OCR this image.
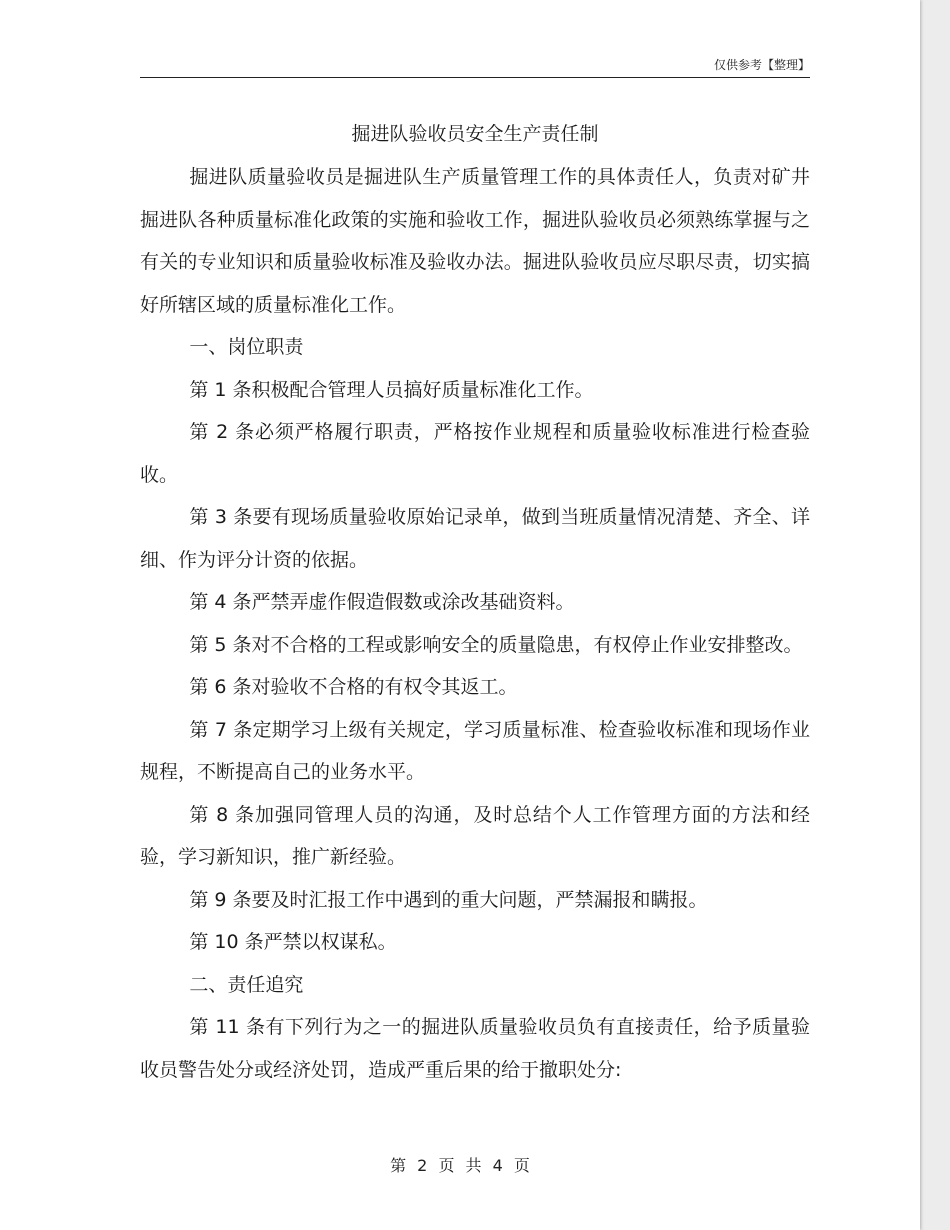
仅供参考【整理】
掘进队验收员安全生产责任制

掘进队质量验收员是掘进队生产质量管理工作的具体责任人，负责对矿井掘进队各种质量标准化政策的实施和验收工作，掘进队验收员必须熟练掌握与之有关的专业知识和质量验收标准及验收办法。掘进队验收员应尽职尽责，切实搞好所辖区域的质量标准化工作。

一、岗位职责

第 1 条积极配合管理人员搞好质量标准化工作。

第 2 条必须严格履行职责，严格按作业规程和质量验收标准进行检查验收。

第 3 条要有现场质量验收原始记录单，做到当班质量情况清楚、齐全、详细、作为评分计资的依据。

第 4 条严禁弄虚作假造假数或涂改基础资料。

第 5 条对不合格的工程或影响安全的质量隐患，有权停止作业安排整改。

第 6 条对验收不合格的有权令其返工。

第 7 条定期学习上级有关规定，学习质量标准、检查验收标准和现场作业规程，不断提高自己的业务水平。

第 8 条加强同管理人员的沟通，及时总结个人工作管理方面的方法和经验，学习新知识，推广新经验。

第 9 条要及时汇报工作中遇到的重大问题，严禁漏报和瞒报。

第 10 条严禁以权谋私。

二、责任追究

第 11 条有下列行为之一的掘进队质量验收员负有直接责任，给予质量验收员警告处分或经济处罚，造成严重后果的给于撤职处分:

第 2 页 共 4 页
